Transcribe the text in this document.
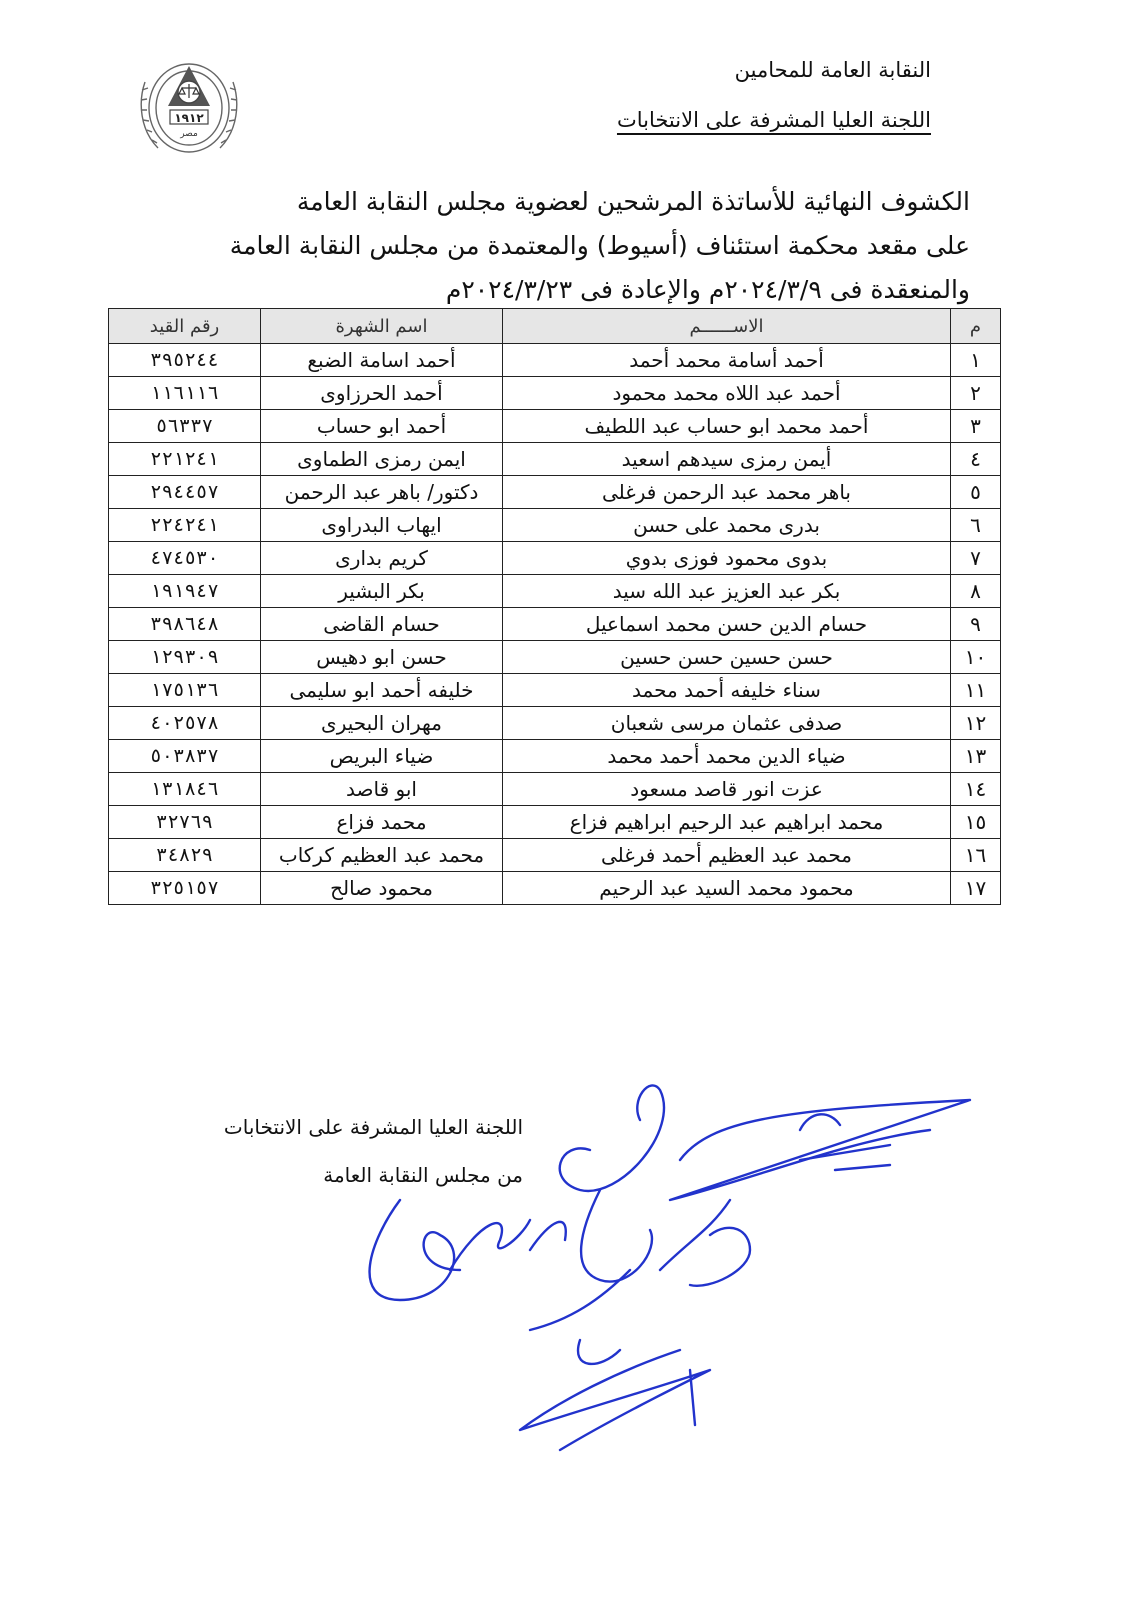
النقابة العامة للمحامين
اللجنة العليا المشرفة على الانتخابات
١٩١٢
مصر
الكشوف النهائية للأساتذة المرشحين لعضوية مجلس النقابة العامة
على مقعد محكمة استئناف (أسيوط) والمعتمدة من مجلس النقابة العامة
والمنعقدة فى ٢٠٢٤/٣/٩م والإعادة فى ٢٠٢٤/٣/٢٣م
م	الاســــــم	اسم الشهرة	رقم القيد
١	أحمد أسامة محمد أحمد	أحمد اسامة الضبع	٣٩٥٢٤٤
٢	أحمد عبد اللاه محمد محمود	أحمد الحرزاوى	١١٦١١٦
٣	أحمد محمد ابو حساب عبد اللطيف	أحمد ابو حساب	٥٦٣٣٧
٤	أيمن رمزى سيدهم اسعيد	ايمن رمزى الطماوى	٢٢١٢٤١
٥	باهر محمد عبد الرحمن فرغلى	دكتور/ باهر عبد الرحمن	٢٩٤٤٥٧
٦	بدرى محمد على حسن	ايهاب البدراوى	٢٢٤٢٤١
٧	بدوى محمود فوزى بدوي	كريم بدارى	٤٧٤٥٣٠
٨	بكر عبد العزيز عبد الله سيد	بكر البشير	١٩١٩٤٧
٩	حسام الدين حسن محمد اسماعيل	حسام القاضى	٣٩٨٦٤٨
١٠	حسن حسين حسن حسين	حسن ابو دهيس	١٢٩٣٠٩
١١	سناء خليفه أحمد محمد	خليفه أحمد ابو سليمى	١٧٥١٣٦
١٢	صدفى عثمان مرسى شعبان	مهران البحيرى	٤٠٢٥٧٨
١٣	ضياء الدين محمد أحمد محمد	ضياء البريص	٥٠٣٨٣٧
١٤	عزت انور قاصد مسعود	ابو قاصد	١٣١٨٤٦
١٥	محمد ابراهيم عبد الرحيم ابراهيم فزاع	محمد فزاع	٣٢٧٦٩
١٦	محمد عبد العظيم أحمد فرغلى	محمد عبد العظيم كركاب	٣٤٨٢٩
١٧	محمود محمد السيد عبد الرحيم	محمود صالح	٣٢٥١٥٧
اللجنة العليا المشرفة على الانتخابات
من مجلس النقابة العامة
